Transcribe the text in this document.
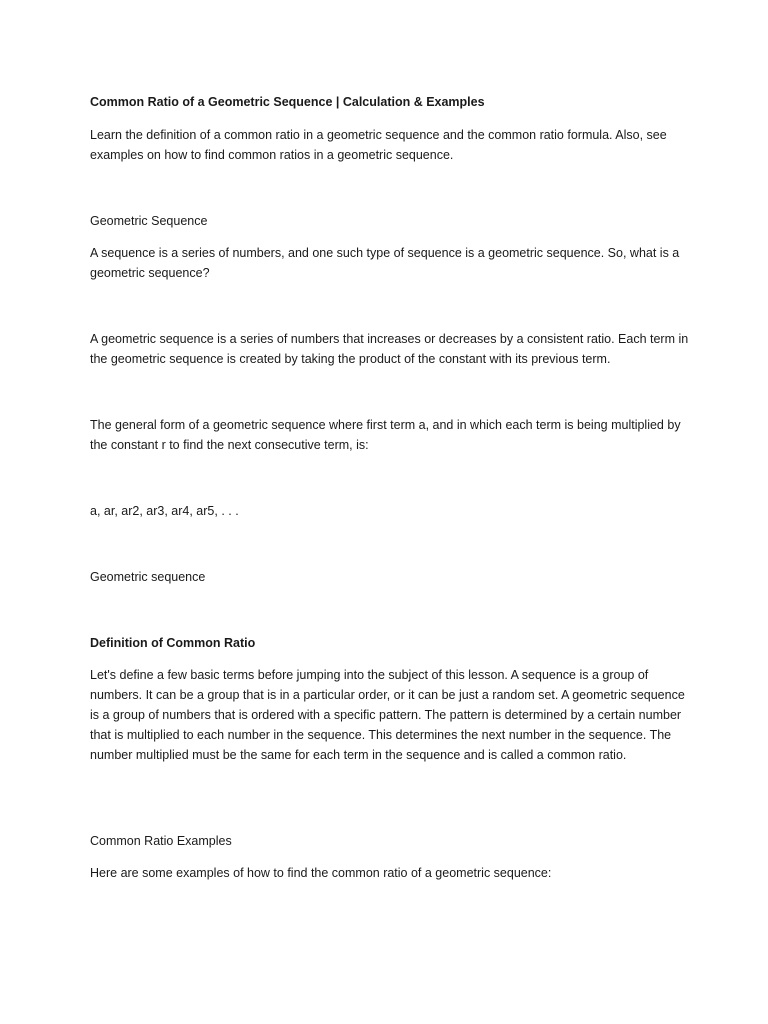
Common Ratio of a Geometric Sequence | Calculation & Examples

Learn the definition of a common ratio in a geometric sequence and the common ratio formula. Also, see examples on how to find common ratios in a geometric sequence.

Geometric Sequence

A sequence is a series of numbers, and one such type of sequence is a geometric sequence. So, what is a geometric sequence?

A geometric sequence is a series of numbers that increases or decreases by a consistent ratio. Each term in the geometric sequence is created by taking the product of the constant with its previous term.

The general form of a geometric sequence where first term a, and in which each term is being multiplied by the constant r to find the next consecutive term, is:

a, ar, ar2, ar3, ar4, ar5, . . .

Geometric sequence

Definition of Common Ratio

Let's define a few basic terms before jumping into the subject of this lesson. A sequence is a group of numbers. It can be a group that is in a particular order, or it can be just a random set. A geometric sequence is a group of numbers that is ordered with a specific pattern. The pattern is determined by a certain number that is multiplied to each number in the sequence. This determines the next number in the sequence. The number multiplied must be the same for each term in the sequence and is called a common ratio.

Common Ratio Examples

Here are some examples of how to find the common ratio of a geometric sequence:
